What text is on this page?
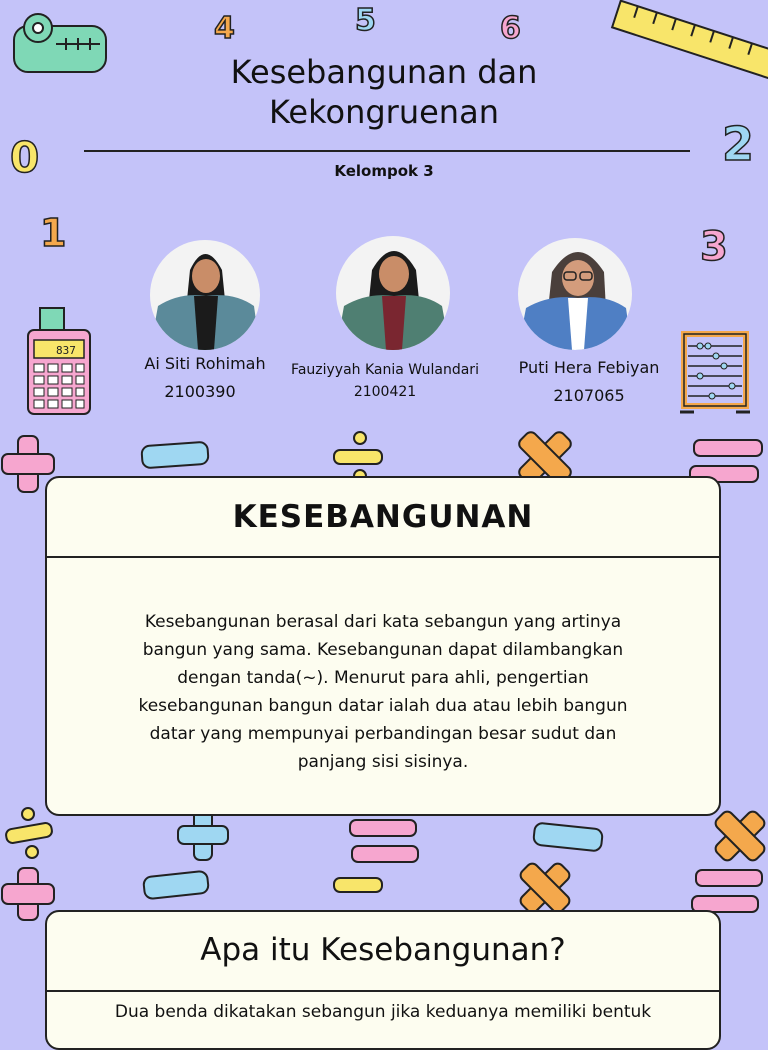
4	5	6
0	2
1	3
837
Kesebangunan dan
Kekongruenan
Kelompok 3
Ai Siti Rohimah
2100390
Fauziyyah Kania Wulandari
2100421
Puti Hera Febiyan
2107065
KESEBANGUNAN
Kesebangunan berasal dari kata sebangun yang artinya
bangun yang sama. Kesebangunan dapat dilambangkan
dengan tanda(~). Menurut para ahli, pengertian
kesebangunan bangun datar ialah dua atau lebih bangun
datar yang mempunyai perbandingan besar sudut dan
panjang sisi sisinya.
Apa itu Kesebangunan?
Dua benda dikatakan sebangun jika keduanya memiliki bentuk
